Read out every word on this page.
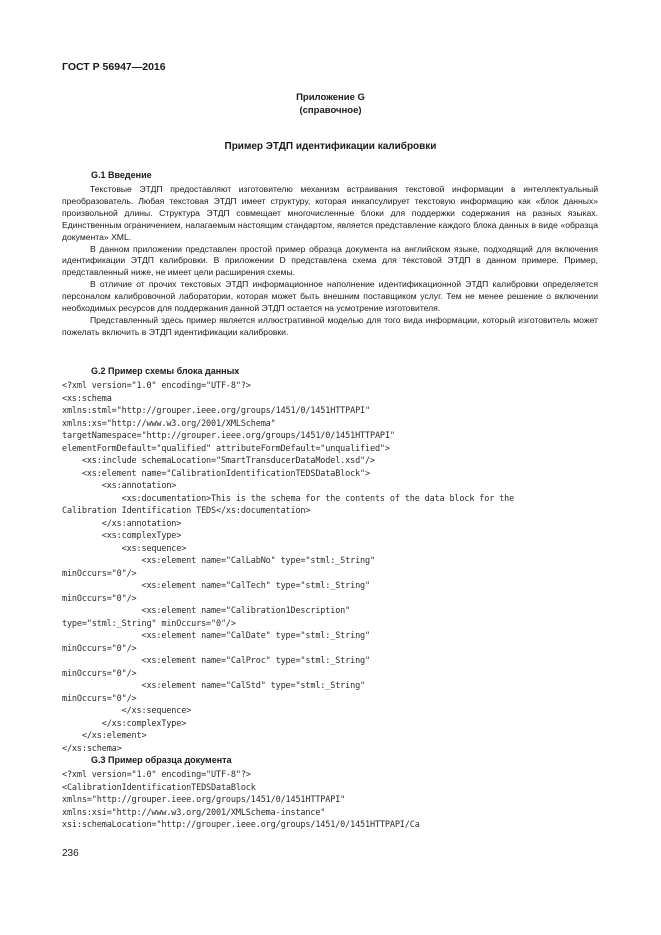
ГОСТ Р 56947—2016
Приложение G
(справочное)
Пример ЭТДП идентификации калибровки
G.1 Введение

Текстовые ЭТДП предоставляют изготовителю механизм встраивания текстовой информации в интеллектуальный преобразователь. Любая текстовая ЭТДП имеет структуру, которая инкапсулирует текстовую информацию как «блок данных» произвольной длины. Структура ЭТДП совмещает многочисленные блоки для поддержки содержания на разных языках. Единственным ограничением, налагаемым настоящим стандартом, является представление каждого блока данных в виде «образца документа» XML.

В данном приложении представлен простой пример образца документа на английском языке, подходящий для включения идентификации ЭТДП калибровки. В приложении D представлена схема для текстовой ЭТДП в данном примере. Пример, представленный ниже, не имеет цели расширения схемы.

В отличие от прочих текстовых ЭТДП информационное наполнение идентификационной ЭТДП калибровки определяется персоналом калибровочной лаборатории, которая может быть внешним поставщиком услуг. Тем не менее решение о включении необходимых ресурсов для поддержания данной ЭТДП остается на усмотрение изготовителя.

Представленный здесь пример является иллюстративной моделью для того вида информации, который изготовитель может пожелать включить в ЭТДП идентификации калибровки.

G.2 Пример схемы блока данных
<?xml version="1.0" encoding="UTF-8"?>
<xs:schema
xmlns:stml="http://grouper.ieee.org/groups/1451/0/1451HTTPAPI"
xmlns:xs="http://www.w3.org/2001/XMLSchema"
targetNamespace="http://grouper.ieee.org/groups/1451/0/1451HTTPAPI"
elementFormDefault="qualified" attributeFormDefault="unqualified">
<xs:include schemaLocation="SmartTransducerDataModel.xsd"/>
<xs:element name="CalibrationIdentificationTEDSDataBlock">
<xs:annotation>
<xs:documentation>This is the schema for the contents of the data block for the
Calibration Identification TEDS</xs:documentation>
</xs:annotation>
<xs:complexType>
<xs:sequence>
<xs:element name="CalLabNo" type="stml:_String"
minOccurs="0"/>
<xs:element name="CalTech" type="stml:_String"
minOccurs="0"/>
<xs:element name="Calibration1Description"
type="stml:_String" minOccurs="0"/>
<xs:element name="CalDate" type="stml:_String"
minOccurs="0"/>
<xs:element name="CalProc" type="stml:_String"
minOccurs="0"/>
<xs:element name="CalStd" type="stml:_String"
minOccurs="0"/>
</xs:sequence>
</xs:complexType>
</xs:element>
</xs:schema>
G.3 Пример образца документа
<?xml version="1.0" encoding="UTF-8"?>
<CalibrationIdentificationTEDSDataBlock
xmlns="http://grouper.ieee.org/groups/1451/0/1451HTTPAPI"
xmlns:xsi="http://www.w3.org/2001/XMLSchema-instance"
xsi:schemaLocation="http://grouper.ieee.org/groups/1451/0/1451HTTPAPI/Ca
236
